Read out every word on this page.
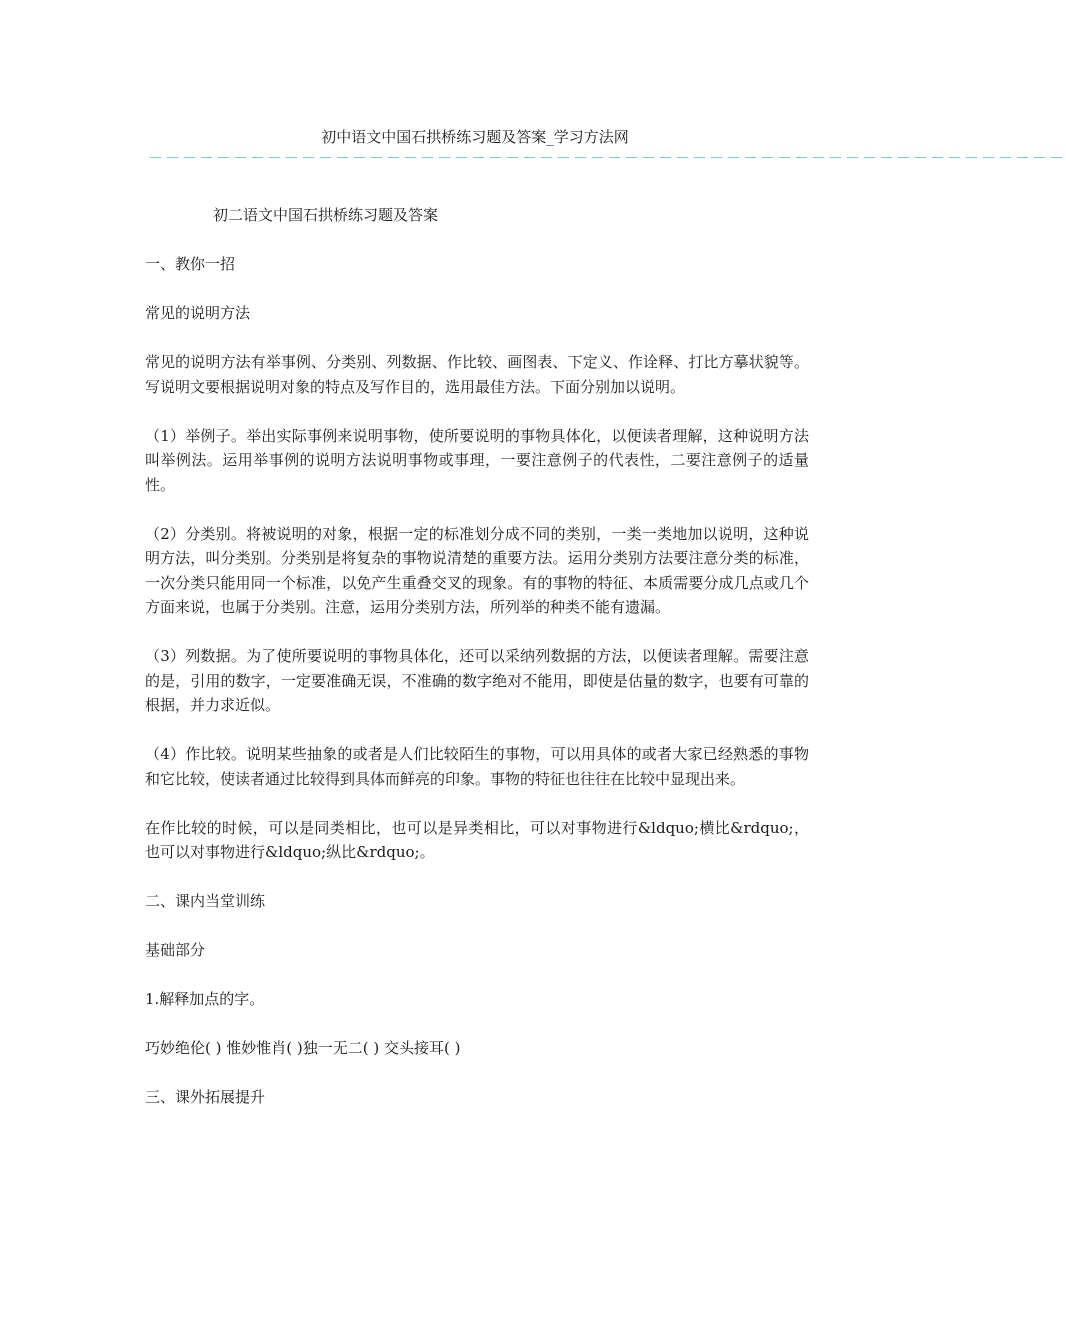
初中语文中国石拱桥练习题及答案_学习方法网
－－－－－－－－－－－－－－－－－－－－－－－－－－－－－－－－－－－－－－－－－－－－－－－－－－－－－－

初二语文中国石拱桥练习题及答案

一、教你一招

常见的说明方法

常见的说明方法有举事例、分类别、列数据、作比较、画图表、下定义、作诠释、打比方摹状貌等。写说明文要根据说明对象的特点及写作目的，选用最佳方法。下面分别加以说明。

（1）举例子。举出实际事例来说明事物，使所要说明的事物具体化，以便读者理解，这种说明方法叫举例法。运用举事例的说明方法说明事物或事理，一要注意例子的代表性，二要注意例子的适量性。

（2）分类别。将被说明的对象，根据一定的标准划分成不同的类别，一类一类地加以说明，这种说明方法，叫分类别。分类别是将复杂的事物说清楚的重要方法。运用分类别方法要注意分类的标准，一次分类只能用同一个标准，以免产生重叠交叉的现象。有的事物的特征、本质需要分成几点或几个方面来说，也属于分类别。注意，运用分类别方法，所列举的种类不能有遗漏。

（3）列数据。为了使所要说明的事物具体化，还可以采纳列数据的方法，以便读者理解。需要注意的是，引用的数字，一定要准确无误，不准确的数字绝对不能用，即使是估量的数字，也要有可靠的根据，并力求近似。

（4）作比较。说明某些抽象的或者是人们比较陌生的事物，可以用具体的或者大家已经熟悉的事物和它比较，使读者通过比较得到具体而鲜亮的印象。事物的特征也往往在比较中显现出来。

在作比较的时候，可以是同类相比，也可以是异类相比，可以对事物进行&ldquo;横比&rdquo;，也可以对事物进行&ldquo;纵比&rdquo;。

二、课内当堂训练

基础部分

1.解释加点的字。

巧妙绝伦( ) 惟妙惟肖( )独一无二( ) 交头接耳( )

三、课外拓展提升
